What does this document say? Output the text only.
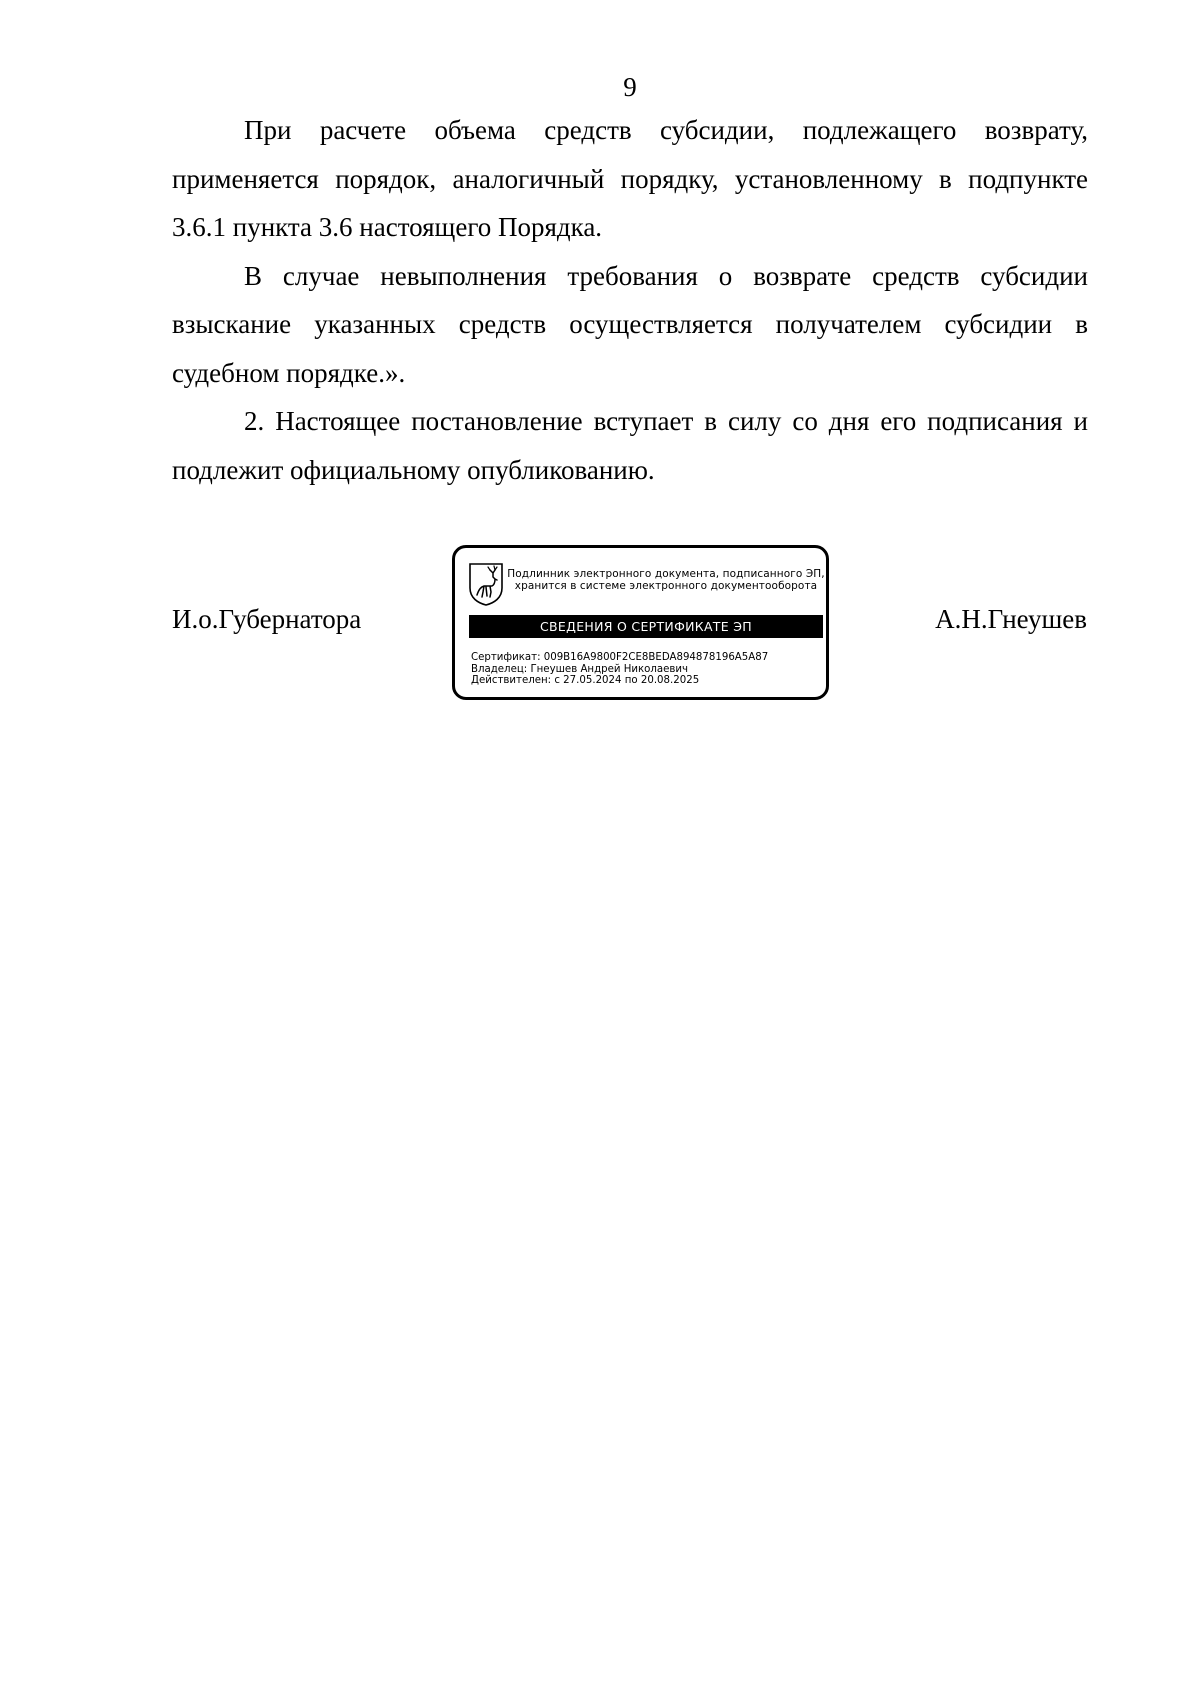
9

При расчете объема средств субсидии, подлежащего возврату, применяется порядок, аналогичный порядку, установленному в подпункте 3.6.1 пункта 3.6 настоящего Порядка.

В случае невыполнения требования о возврате средств субсидии взыскание указанных средств осуществляется получателем субсидии в судебном порядке.».

2. Настоящее постановление вступает в силу со дня его подписания и подлежит официальному опубликованию.

И.о.Губернатора
Подлинник электронного документа, подписанного ЭП,
хранится в системе электронного документооборота
СВЕДЕНИЯ О СЕРТИФИКАТЕ ЭП
Сертификат: 009B16A9800F2CE8BEDA894878196A5A87
Владелец: Гнеушев Андрей Николаевич
Действителен: с 27.05.2024 по 20.08.2025
А.Н.Гнеушев
